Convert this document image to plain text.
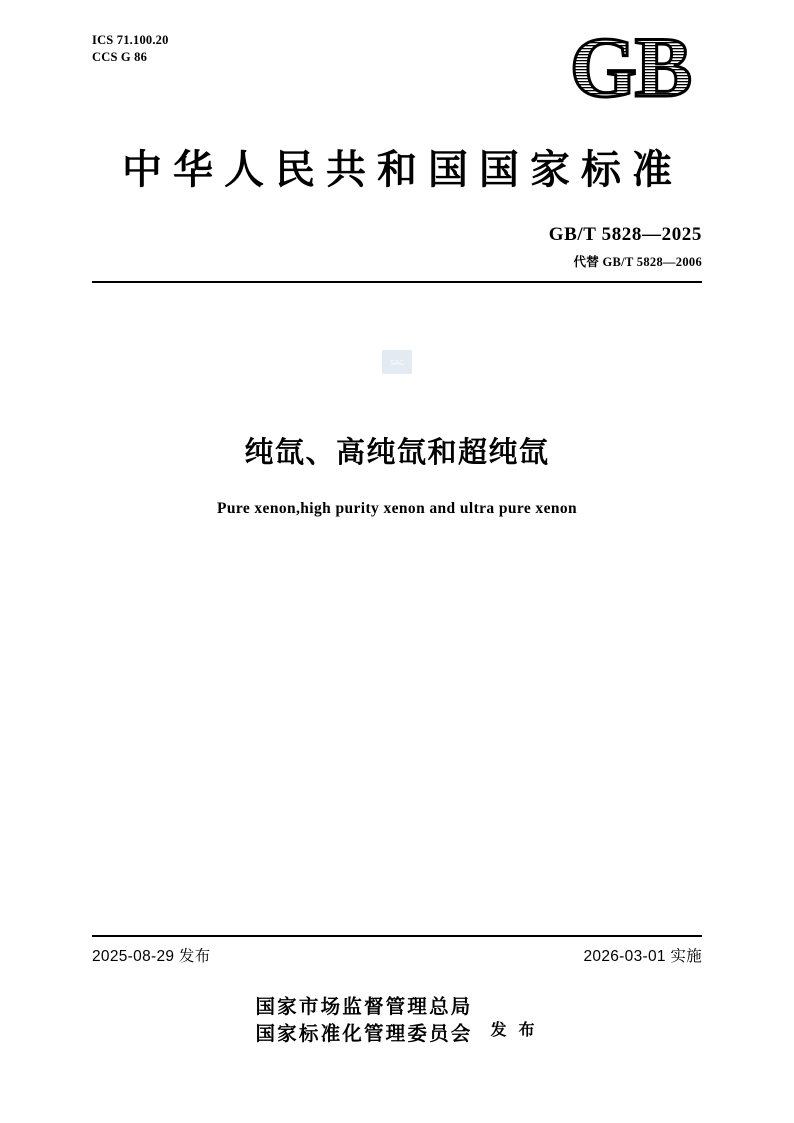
ICS 71.100.20
CCS G 86	GB
中华人民共和国国家标准
GB/T 5828—2025
代替 GB/T 5828—2006
SAC
纯氙、高纯氙和超纯氙
Pure xenon,high purity xenon and ultra pure xenon
2025-08-29 发布	2026-03-01 实施
国家市场监督管理总局
国家标准化管理委员会 发 布
